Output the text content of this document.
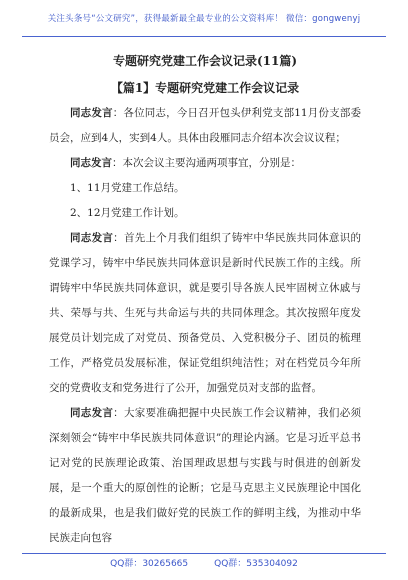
关注头条号“公文研究”，获得最新最全最专业的公文资料库！ 微信：gongwenyj
专题研究党建工作会议记录(11篇)
【篇1】专题研究党建工作会议记录

同志发言：各位同志，今日召开包头伊利党支部11月份支部委员会，应到4人，实到4人。具体由段雁同志介绍本次会议议程；

同志发言：本次会议主要沟通两项事宜，分别是：

1、11月党建工作总结。

2、12月党建工作计划。

同志发言：首先上个月我们组织了铸牢中华民族共同体意识的党课学习，铸牢中华民族共同体意识是新时代民族工作的主线。所谓铸牢中华民族共同体意识，就是要引导各族人民牢固树立休戚与共、荣辱与共、生死与共命运与共的共同体理念。其次按照年度发展党员计划完成了对党员、预备党员、入党积极分子、团员的梳理工作，严格党员发展标准，保证党组织纯洁性；对在档党员今年所交的党费收支和党务进行了公开，加强党员对支部的监督。

同志发言：大家要准确把握中央民族工作会议精神，我们必须深刻领会“铸牢中华民族共同体意识”的理论内涵。它是习近平总书记对党的民族理论政策、治国理政思想与实践与时俱进的创新发展，是一个重大的原创性的论断；它是马克思主义民族理论中国化的最新成果，也是我们做好党的民族工作的鲜明主线，为推动中华民族走向包容

QQ群：30265665	QQ群：535304092
